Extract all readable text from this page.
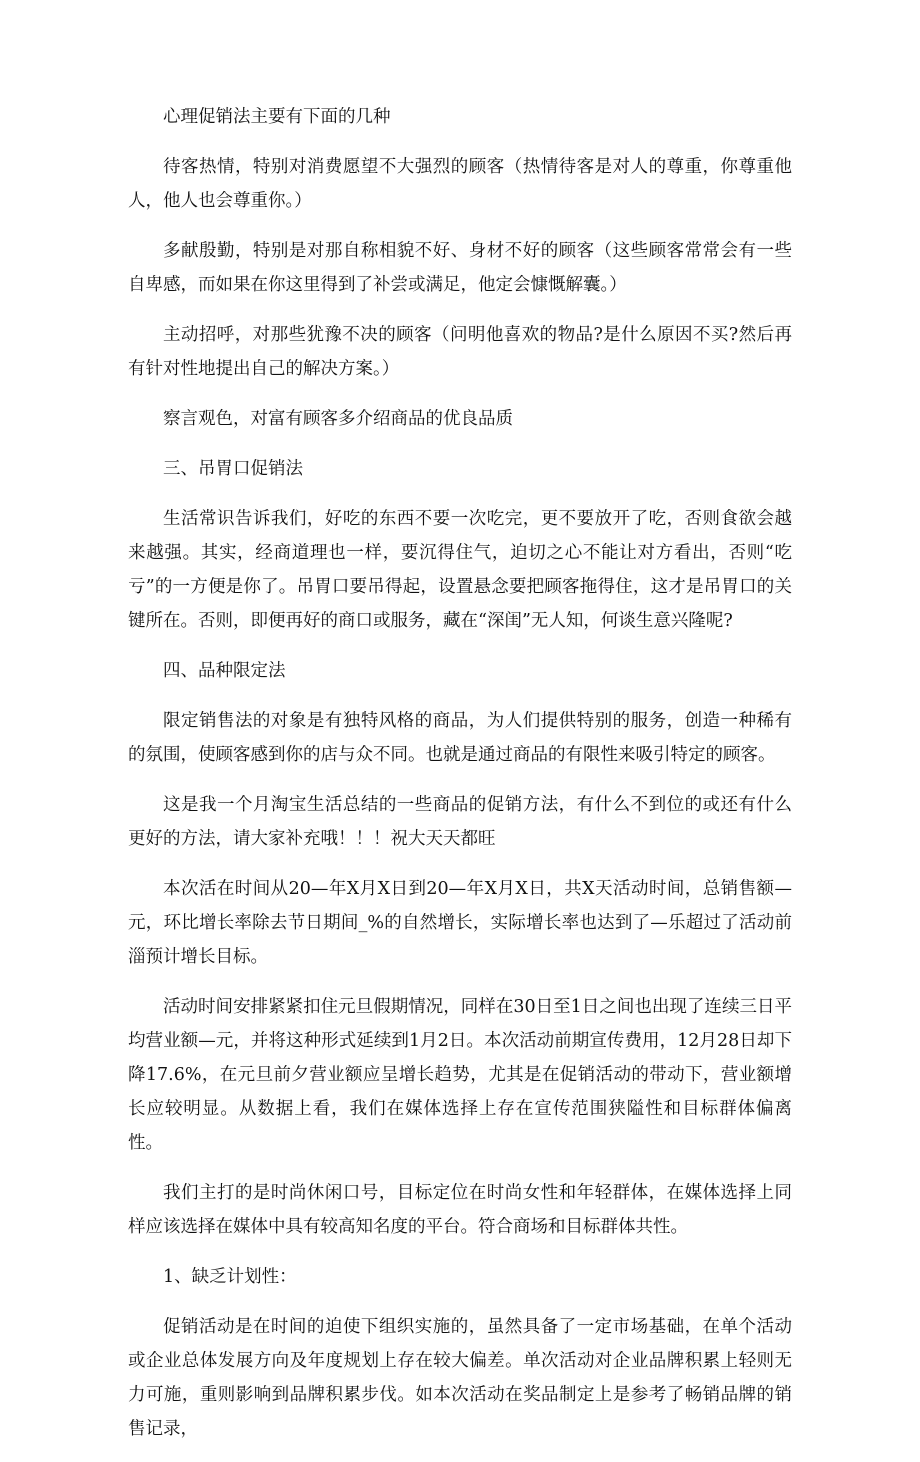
心理促销法主要有下面的几种

待客热情，特别对消费愿望不大强烈的顾客（热情待客是对人的尊重，你尊重他人，他人也会尊重你。）

多献殷勤，特别是对那自称相貌不好、身材不好的顾客（这些顾客常常会有一些自卑感，而如果在你这里得到了补尝或满足，他定会慷慨解囊。）

主动招呼，对那些犹豫不决的顾客（问明他喜欢的物品?是什么原因不买?然后再有针对性地提出自己的解决方案。）

察言观色，对富有顾客多介绍商品的优良品质

三、吊胃口促销法

生活常识告诉我们，好吃的东西不要一次吃完，更不要放开了吃，否则食欲会越来越强。其实，经商道理也一样，要沉得住气，迫切之心不能让对方看出，否则“吃亏”的一方便是你了。吊胃口要吊得起，设置悬念要把顾客拖得住，这才是吊胃口的关键所在。否则，即便再好的商口或服务，藏在“深闺”无人知，何谈生意兴隆呢?

四、品种限定法

限定销售法的对象是有独特风格的商品，为人们提供特别的服务，创造一种稀有的氛围，使顾客感到你的店与众不同。也就是通过商品的有限性来吸引特定的顾客。

这是我一个月淘宝生活总结的一些商品的促销方法，有什么不到位的或还有什么更好的方法，请大家补充哦！！！祝大天天都旺

本次活在时间从20—年X月X日到20—年X月X日，共X天活动时间，总销售额—元，环比增长率除去节日期间_%的自然增长，实际增长率也达到了—乐超过了活动前淄预计增长目标。

活动时间安排紧紧扣住元旦假期情况，同样在30日至1日之间也出现了连续三日平均营业额—元，并将这种形式延续到1月2日。本次活动前期宣传费用，12月28日却下降17.6%，在元旦前夕营业额应呈增长趋势，尤其是在促销活动的带动下，营业额增长应较明显。从数据上看，我们在媒体选择上存在宣传范围狭隘性和目标群体偏离性。

我们主打的是时尚休闲口号，目标定位在时尚女性和年轻群体，在媒体选择上同样应该选择在媒体中具有较高知名度的平台。符合商场和目标群体共性。

1、缺乏计划性：

促销活动是在时间的迫使下组织实施的，虽然具备了一定市场基础，在单个活动或企业总体发展方向及年度规划上存在较大偏差。单次活动对企业品牌积累上轻则无力可施，重则影响到品牌积累步伐。如本次活动在奖品制定上是参考了畅销品牌的销售记录，
